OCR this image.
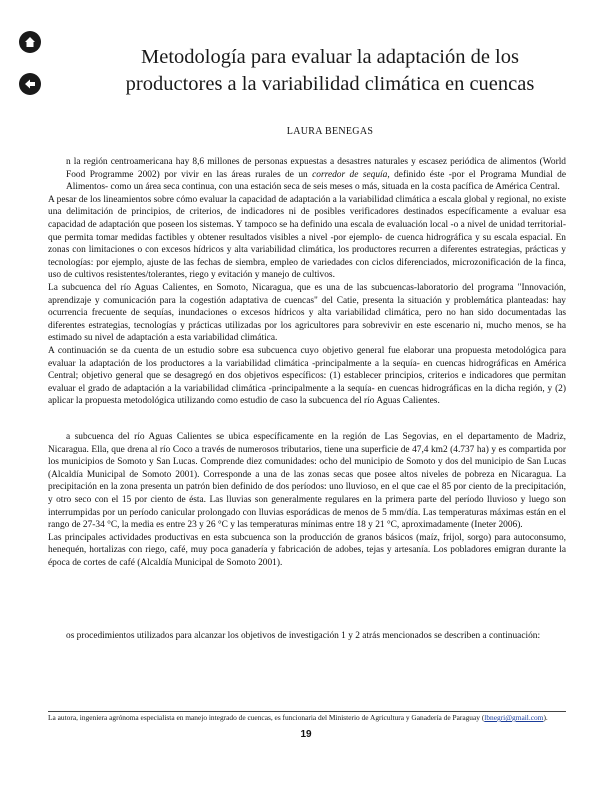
Metodología para evaluar la adaptación de los
productores a la variabilidad climática en cuencas
LAURA BENEGAS

n la región centroamericana hay 8,6 millones de personas expuestas a desastres naturales y escasez periódica de alimentos (World Food Programme 2002) por vivir en las áreas rurales de un corredor de sequía, definido éste -por el Programa Mundial de Alimentos- como un área seca continua, con una estación seca de seis meses o más, situada en la costa pacífica de América Central.

A pesar de los lineamientos sobre cómo evaluar la capacidad de adaptación a la variabilidad climática a escala global y regional, no existe una delimitación de principios, de criterios, de indicadores ni de posibles verificadores destinados específicamente a evaluar esa capacidad de adaptación que poseen los sistemas. Y tampoco se ha definido una escala de evaluación local -o a nivel de unidad territorial- que permita tomar medidas factibles y obtener resultados visibles a nivel -por ejemplo- de cuenca hidrográfica y su escala espacial. En zonas con limitaciones o con excesos hídricos y alta variabilidad climática, los productores recurren a diferentes estrategias, prácticas y tecnologías: por ejemplo, ajuste de las fechas de siembra, empleo de variedades con ciclos diferenciados, microzonificación de la finca, uso de cultivos resistentes/tolerantes, riego y evitación y manejo de cultivos.

La subcuenca del río Aguas Calientes, en Somoto, Nicaragua, que es una de las subcuencas-laboratorio del programa "Innovación, aprendizaje y comunicación para la cogestión adaptativa de cuencas" del Catie, presenta la situación y problemática planteadas: hay ocurrencia frecuente de sequías, inundaciones o excesos hídricos y alta variabilidad climática, pero no han sido documentadas las diferentes estrategias, tecnologías y prácticas utilizadas por los agricultores para sobrevivir en este escenario ni, mucho menos, se ha estimado su nivel de adaptación a esta variabilidad climática.

A continuación se da cuenta de un estudio sobre esa subcuenca cuyo objetivo general fue elaborar una propuesta metodológica para evaluar la adaptación de los productores a la variabilidad climática -principalmente a la sequía- en cuencas hidrográficas en América Central; objetivo general que se desagregó en dos objetivos específicos: (1) establecer principios, criterios e indicadores que permitan evaluar el grado de adaptación a la variabilidad climática -principalmente a la sequía- en cuencas hidrográficas en la dicha región, y (2) aplicar la propuesta metodológica utilizando como estudio de caso la subcuenca del río Aguas Calientes.

a subcuenca del río Aguas Calientes se ubica específicamente en la región de Las Segovias, en el departamento de Madriz, Nicaragua. Ella, que drena al río Coco a través de numerosos tributarios, tiene una superficie de 47,4 km2 (4.737 ha) y es compartida por los municipios de Somoto y San Lucas. Comprende diez comunidades: ocho del municipio de Somoto y dos del municipio de San Lucas (Alcaldía Municipal de Somoto 2001). Corresponde a una de las zonas secas que posee altos niveles de pobreza en Nicaragua. La precipitación en la zona presenta un patrón bien definido de dos períodos: uno lluvioso, en el que cae el 85 por ciento de la precipitación, y otro seco con el 15 por ciento de ésta. Las lluvias son generalmente regulares en la primera parte del período lluvioso y luego son interrumpidas por un período canicular prolongado con lluvias esporádicas de menos de 5 mm/día. Las temperaturas máximas están en el rango de 27-34 °C, la media es entre 23 y 26 °C y las temperaturas mínimas entre 18 y 21 °C, aproximadamente (Ineter 2006).

Las principales actividades productivas en esta subcuenca son la producción de granos básicos (maíz, frijol, sorgo) para autoconsumo, henequén, hortalizas con riego, café, muy poca ganadería y fabricación de adobes, tejas y artesanía. Los pobladores emigran durante la época de cortes de café (Alcaldía Municipal de Somoto 2001).

os procedimientos utilizados para alcanzar los objetivos de investigación 1 y 2 atrás mencionados se describen a continuación:

La autora, ingeniera agrónoma especialista en manejo integrado de cuencas, es funcionaria del Ministerio de Agricultura y Ganadería de Paraguay (lbnegri@gmail.com).
19
